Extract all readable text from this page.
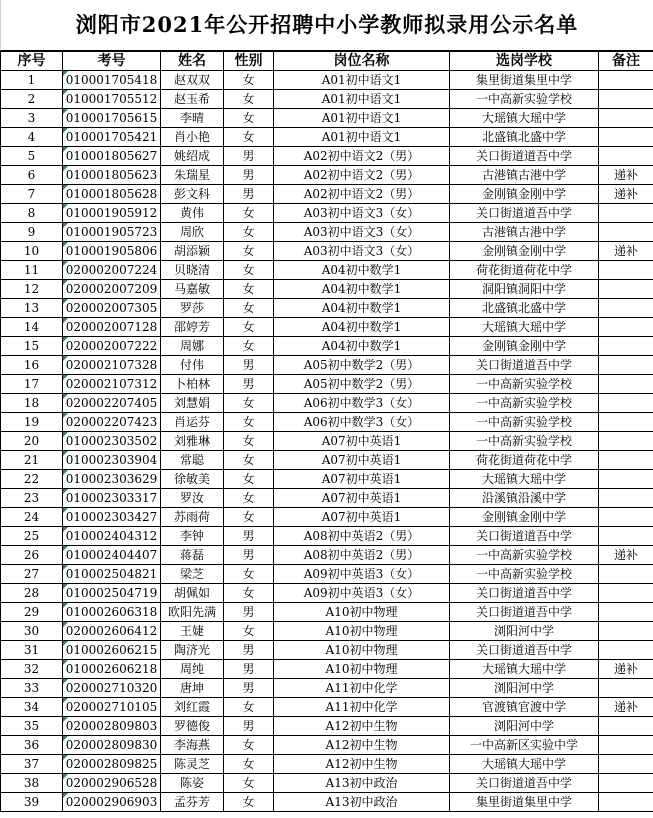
浏阳市2021年公开招聘中小学教师拟录用公示名单
序号	考号	姓名	性别	岗位名称	选岗学校	备注
1	010001705418	赵双双	女	A01初中语文1	集里街道集里中学	
2	010001705512	赵玉希	女	A01初中语文1	一中高新实验学校	
3	010001705615	李晴	女	A01初中语文1	大瑶镇大瑶中学	
4	010001705421	肖小艳	女	A01初中语文1	北盛镇北盛中学	
5	010001805627	姚绍成	男	A02初中语文2（男）	关口街道道吾中学	
6	010001805623	朱瑞星	男	A02初中语文2（男）	古港镇古港中学	递补
7	010001805628	彭文科	男	A02初中语文2（男）	金刚镇金刚中学	递补
8	010001905912	黄伟	女	A03初中语文3（女）	关口街道道吾中学	
9	010001905723	周欣	女	A03初中语文3（女）	古港镇古港中学	
10	010001905806	胡添颖	女	A03初中语文3（女）	金刚镇金刚中学	递补
11	020002007224	贝晓清	女	A04初中数学1	荷花街道荷花中学	
12	020002007209	马嘉敏	女	A04初中数学1	洞阳镇洞阳中学	
13	020002007305	罗莎	女	A04初中数学1	北盛镇北盛中学	
14	020002007128	邵婷芳	女	A04初中数学1	大瑶镇大瑶中学	
15	020002007222	周娜	女	A04初中数学1	金刚镇金刚中学	
16	020002107328	付伟	男	A05初中数学2（男）	关口街道道吾中学	
17	020002107312	卜柏林	男	A05初中数学2（男）	一中高新实验学校	
18	020002207405	刘慧娟	女	A06初中数学3（女）	一中高新实验学校	
19	020002207423	肖运芬	女	A06初中数学3（女）	一中高新实验学校	
20	010002303502	刘雅琳	女	A07初中英语1	一中高新实验学校	
21	010002303904	常聪	女	A07初中英语1	荷花街道荷花中学	
22	010002303629	徐敏美	女	A07初中英语1	大瑶镇大瑶中学	
23	010002303317	罗汝	女	A07初中英语1	沿溪镇沿溪中学	
24	010002303427	苏雨荷	女	A07初中英语1	金刚镇金刚中学	
25	010002404312	李钟	男	A08初中英语2（男）	关口街道道吾中学	
26	010002404407	蒋磊	男	A08初中英语2（男）	一中高新实验学校	递补
27	010002504821	梁芝	女	A09初中英语3（女）	一中高新实验学校	
28	010002504719	胡佩如	女	A09初中英语3（女）	关口街道道吾中学	
29	010002606318	欧阳先满	男	A10初中物理	关口街道道吾中学	
30	020002606412	王婕	女	A10初中物理	浏阳河中学	
31	010002606215	陶济光	男	A10初中物理	关口街道道吾中学	
32	010002606218	周纯	男	A10初中物理	大瑶镇大瑶中学	递补
33	020002710320	唐坤	男	A11初中化学	浏阳河中学	
34	020002710105	刘红霞	女	A11初中化学	官渡镇官渡中学	递补
35	020002809803	罗德俊	男	A12初中生物	浏阳河中学	
36	020002809830	李海燕	女	A12初中生物	一中高新区实验中学	
37	020002809825	陈灵芝	女	A12初中生物	大瑶镇大瑶中学	
38	020002906528	陈姿	女	A13初中政治	关口街道道吾中学	
39	020002906903	孟芬芳	女	A13初中政治	集里街道集里中学	
